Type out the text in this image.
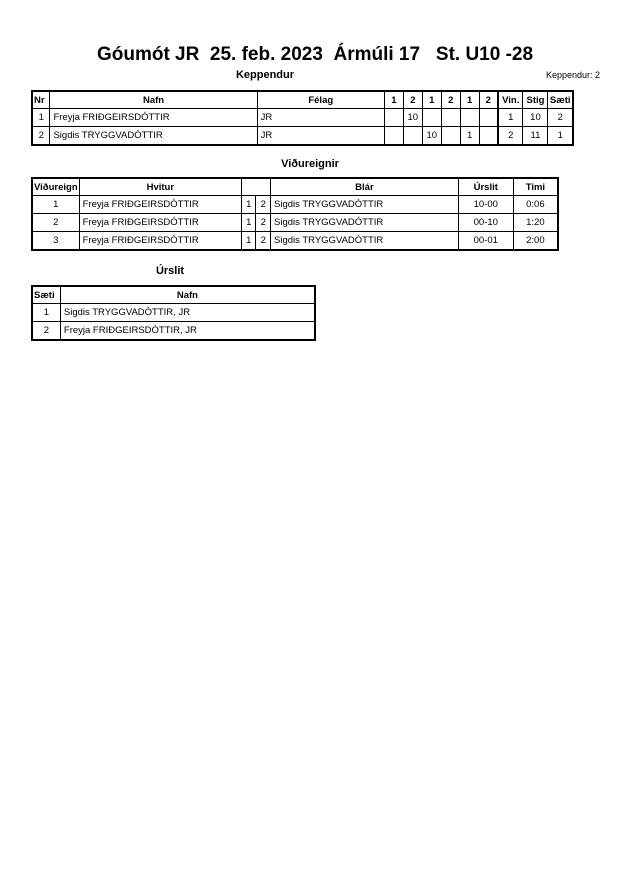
Góumót JR  25. feb. 2023  Ármúli 17   St. U10 -28
Keppendur	Keppendur: 2
Nr	Nafn	Félag	1	2	1	2	1	2	Vin.	Stig	Sæti
1	Freyja FRIÐGEIRSDÓTTIR	JR		10					1	10	2
2	Sigdis TRYGGVADÓTTIR	JR			10		1		2	11	1
Viðureignir
Viðureign	Hvitur			Blár	Úrslit	Timi
1	Freyja FRIÐGEIRSDÓTTIR	1	2	Sigdis TRYGGVADÓTTIR	10-00	0:06
2	Freyja FRIÐGEIRSDÓTTIR	1	2	Sigdis TRYGGVADÓTTIR	00-10	1:20
3	Freyja FRIÐGEIRSDÓTTIR	1	2	Sigdis TRYGGVADÓTTIR	00-01	2:00
Úrslit
Sæti	Nafn
1	Sigdis TRYGGVADÓTTIR, JR
2	Freyja FRIÐGEIRSDÓTTIR, JR
